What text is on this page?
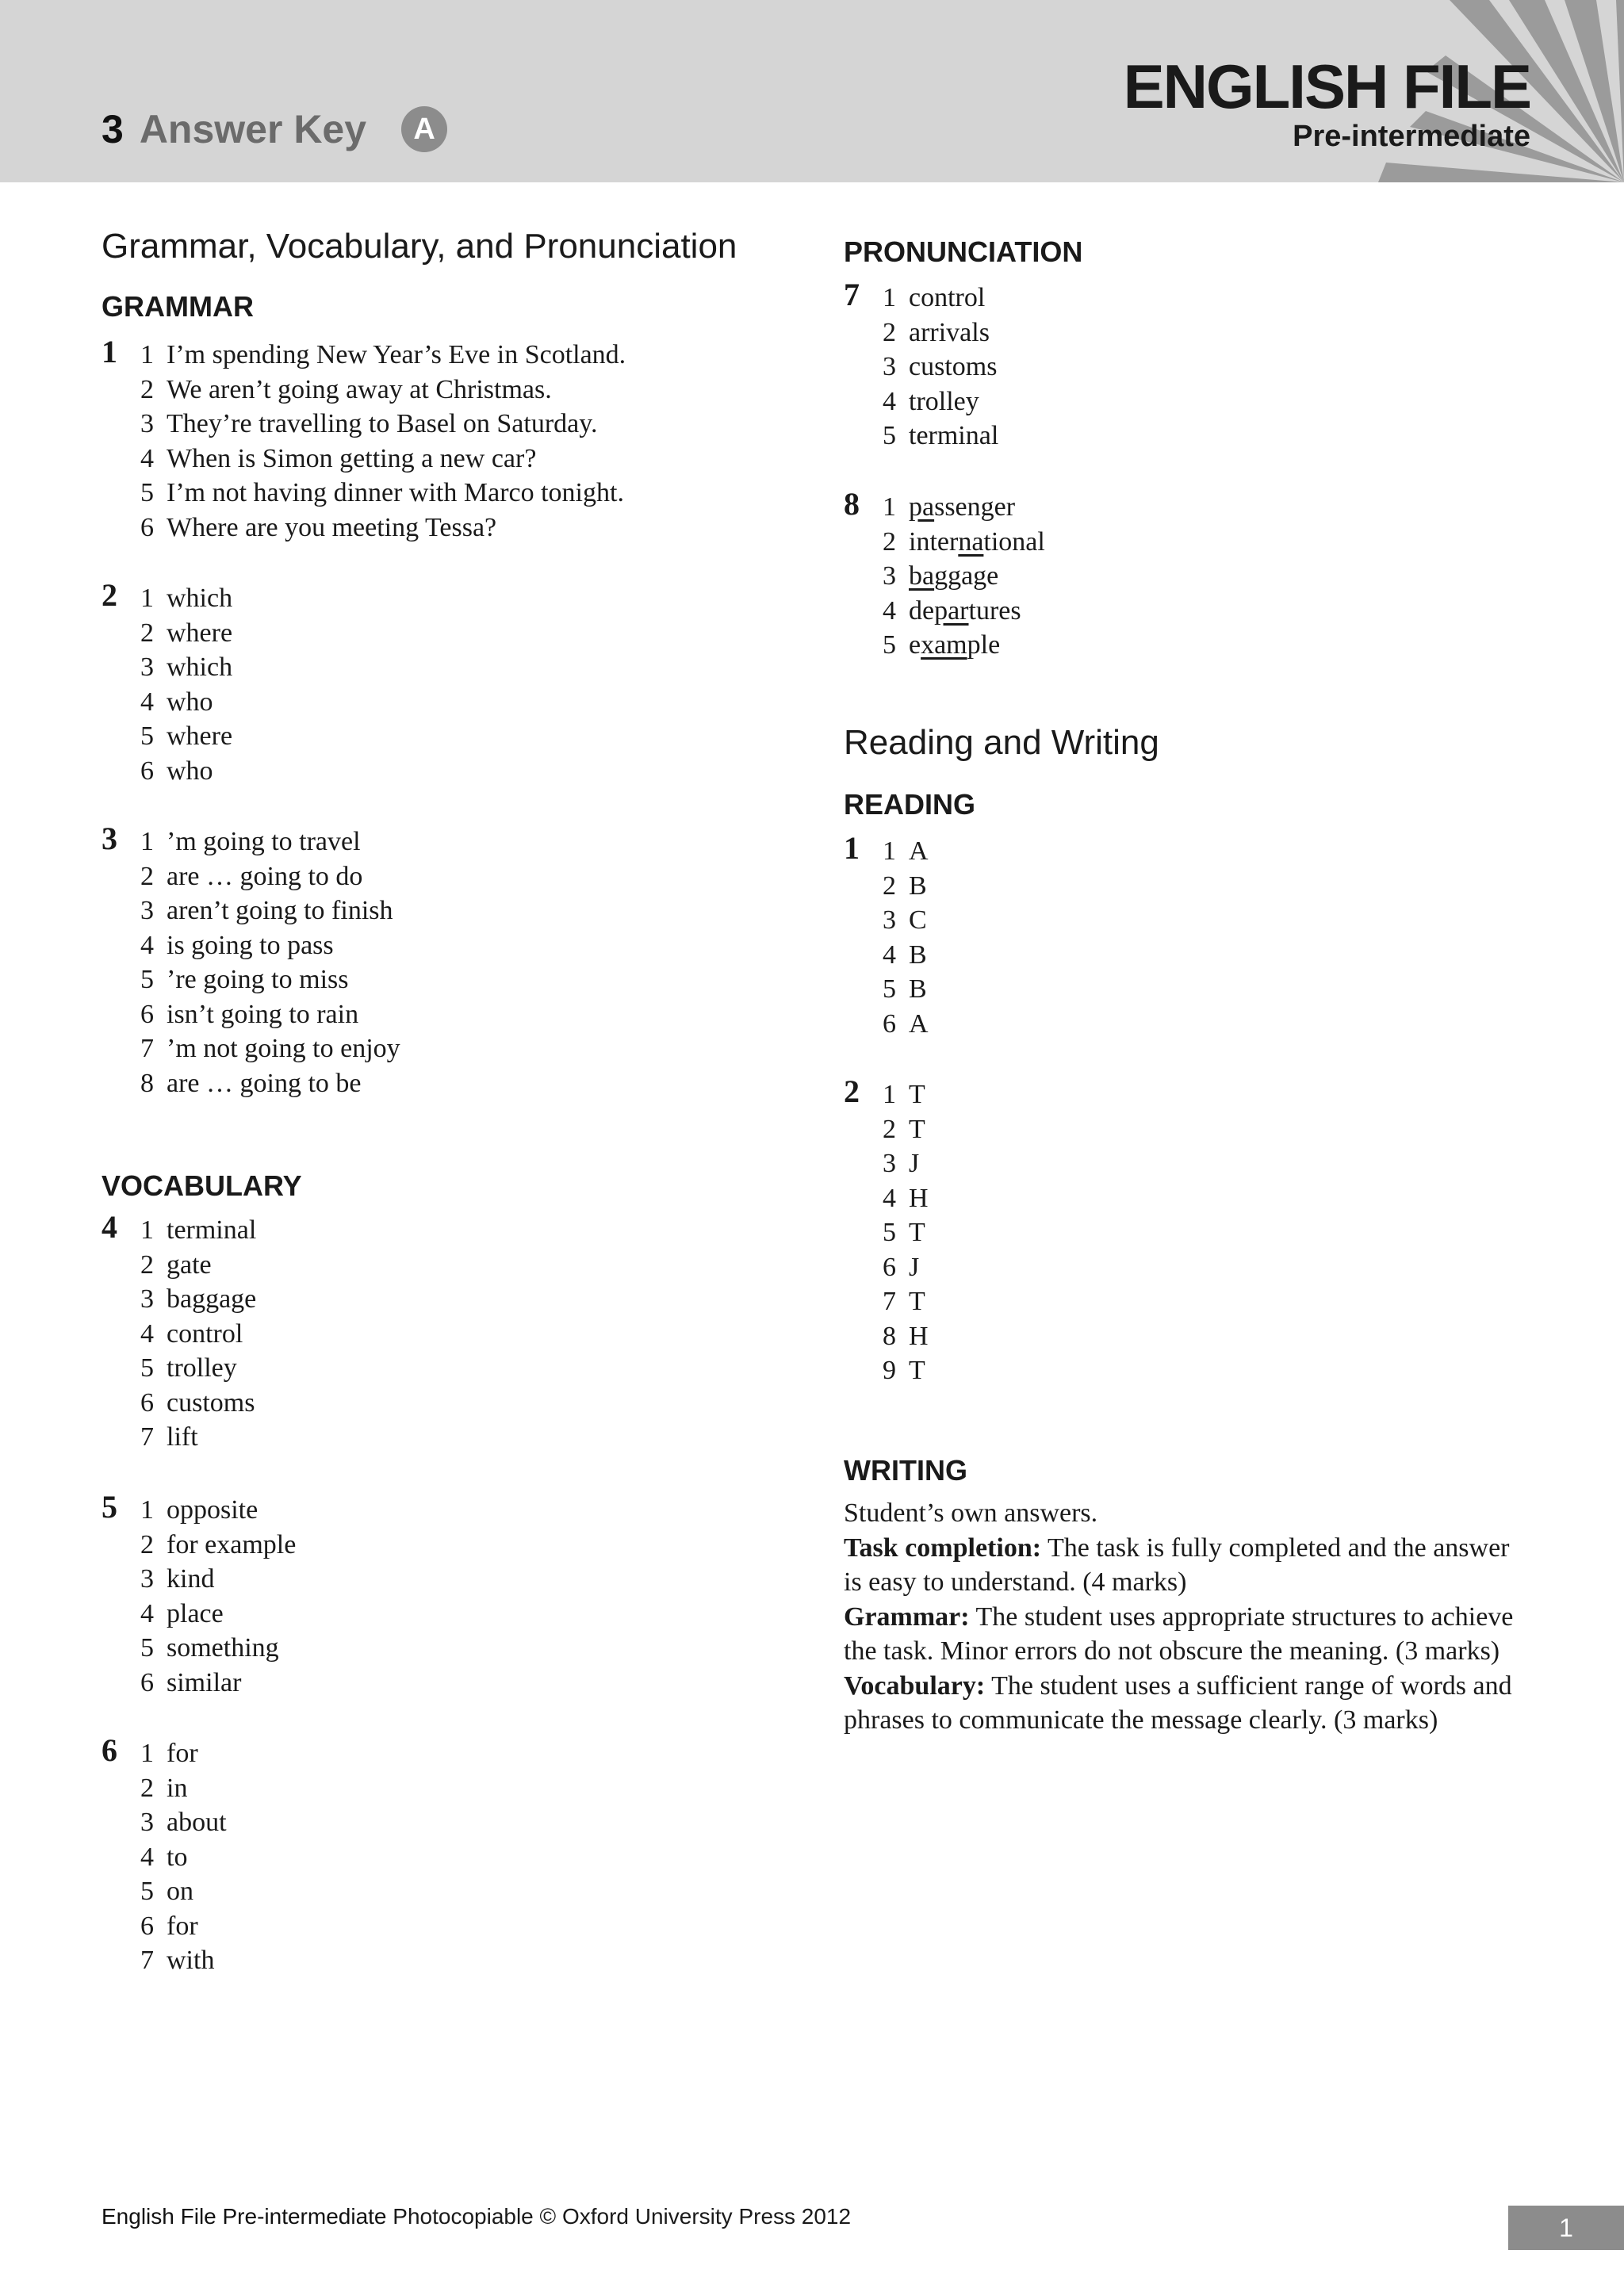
3 Answer Key A
ENGLISH FILE
Pre-intermediate
Grammar, Vocabulary, and Pronunciation
GRAMMAR
1 1 I’m spending New Year’s Eve in Scotland.
2 We aren’t going away at Christmas.
3 They’re travelling to Basel on Saturday.
4 When is Simon getting a new car?
5 I’m not having dinner with Marco tonight.
6 Where are you meeting Tessa?
2 1 which
2 where
3 which
4 who
5 where
6 who
3 1 ’m going to travel
2 are … going to do
3 aren’t going to finish
4 is going to pass
5 ’re going to miss
6 isn’t going to rain
7 ’m not going to enjoy
8 are … going to be
VOCABULARY
4 1 terminal
2 gate
3 baggage
4 control
5 trolley
6 customs
7 lift
5 1 opposite
2 for example
3 kind
4 place
5 something
6 similar
6 1 for
2 in
3 about
4 to
5 on
6 for
7 with
PRONUNCIATION
7 1 control
2 arrivals
3 customs
4 trolley
5 terminal
8 1 passenger
2 international
3 baggage
4 departures
5 example
Reading and Writing
READING
1 1 A
2 B
3 C
4 B
5 B
6 A
2 1 T
2 T
3 J
4 H
5 T
6 J
7 T
8 H
9 T
WRITING

Student’s own answers.

Task completion: The task is fully completed and the answer is easy to understand. (4 marks)

Grammar: The student uses appropriate structures to achieve the task. Minor errors do not obscure the meaning. (3 marks)

Vocabulary: The student uses a sufficient range of words and phrases to communicate the message clearly. (3 marks)

English File Pre-intermediate Photocopiable © Oxford University Press 2012	1
